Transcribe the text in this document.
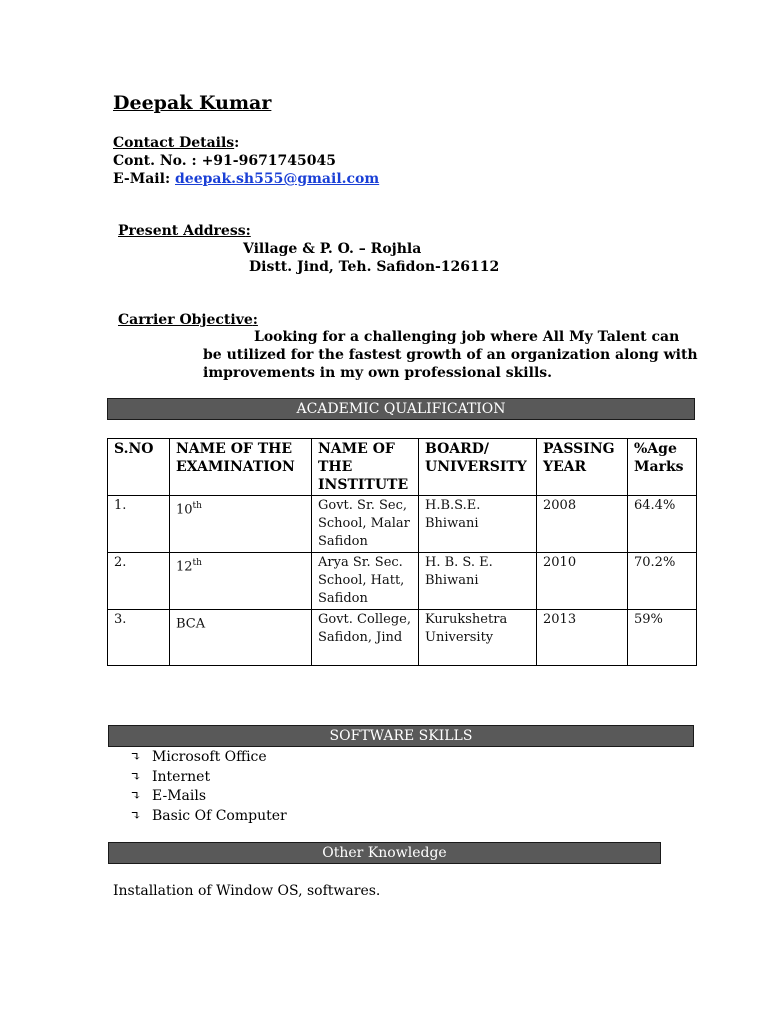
Deepak Kumar
Contact Details:
Cont. No. : +91-9671745045
E-Mail: deepak.sh555@gmail.com
Present Address:
Village & P. O. – Rojhla
Distt. Jind, Teh. Safidon-126112
Carrier Objective:
Looking for a challenging job where All My Talent can
be utilized for the fastest growth of an organization along with
improvements in my own professional skills.
ACADEMIC QUALIFICATION
S.NO	NAME OF THE EXAMINATION	NAME OF THE INSTITUTE	BOARD/ UNIVERSITY	PASSING YEAR	%Age Marks
1.	10th	Govt. Sr. Sec, School, Malar Safidon	H.B.S.E. Bhiwani	2008	64.4%
2.	12th	Arya Sr. Sec. School, Hatt, Safidon	H. B. S. E. Bhiwani	2010	70.2%
3.	BCA	Govt. College, Safidon, Jind	Kurukshetra University	2013	59%
SOFTWARE SKILLS
↴ Microsoft Office
↴ Internet
↴ E-Mails
↴ Basic Of Computer
Other Knowledge
Installation of Window OS, softwares.
